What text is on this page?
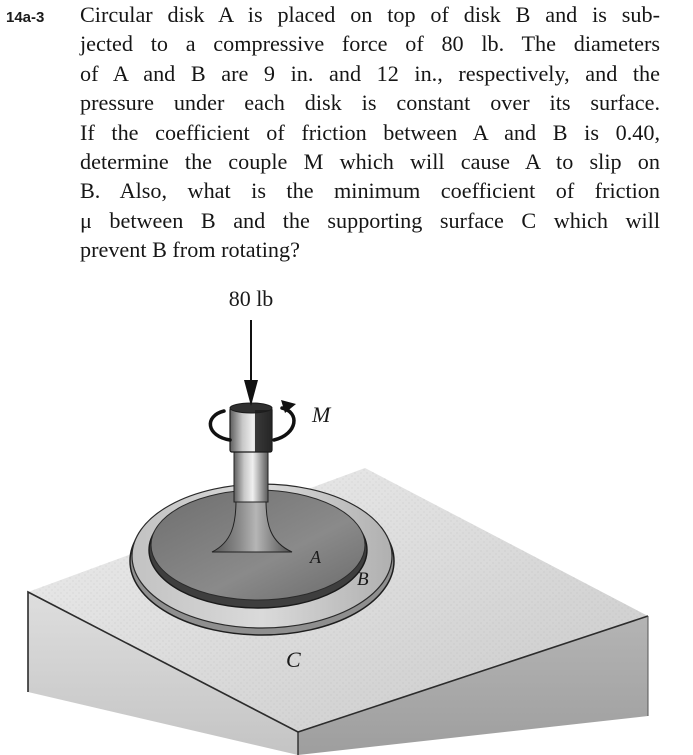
14a-3 Circular disk A is placed on top of disk B and is sub-
jected to a compressive force of 80 lb. The diameters
of A and B are 9 in. and 12 in., respectively, and the
pressure under each disk is constant over its surface.
If the coefficient of friction between A and B is 0.40,
determine the couple M which will cause A to slip on
B. Also, what is the minimum coefficient of friction
μ between B and the supporting surface C which will
prevent B from rotating?
80 lb
M
A
B
C
